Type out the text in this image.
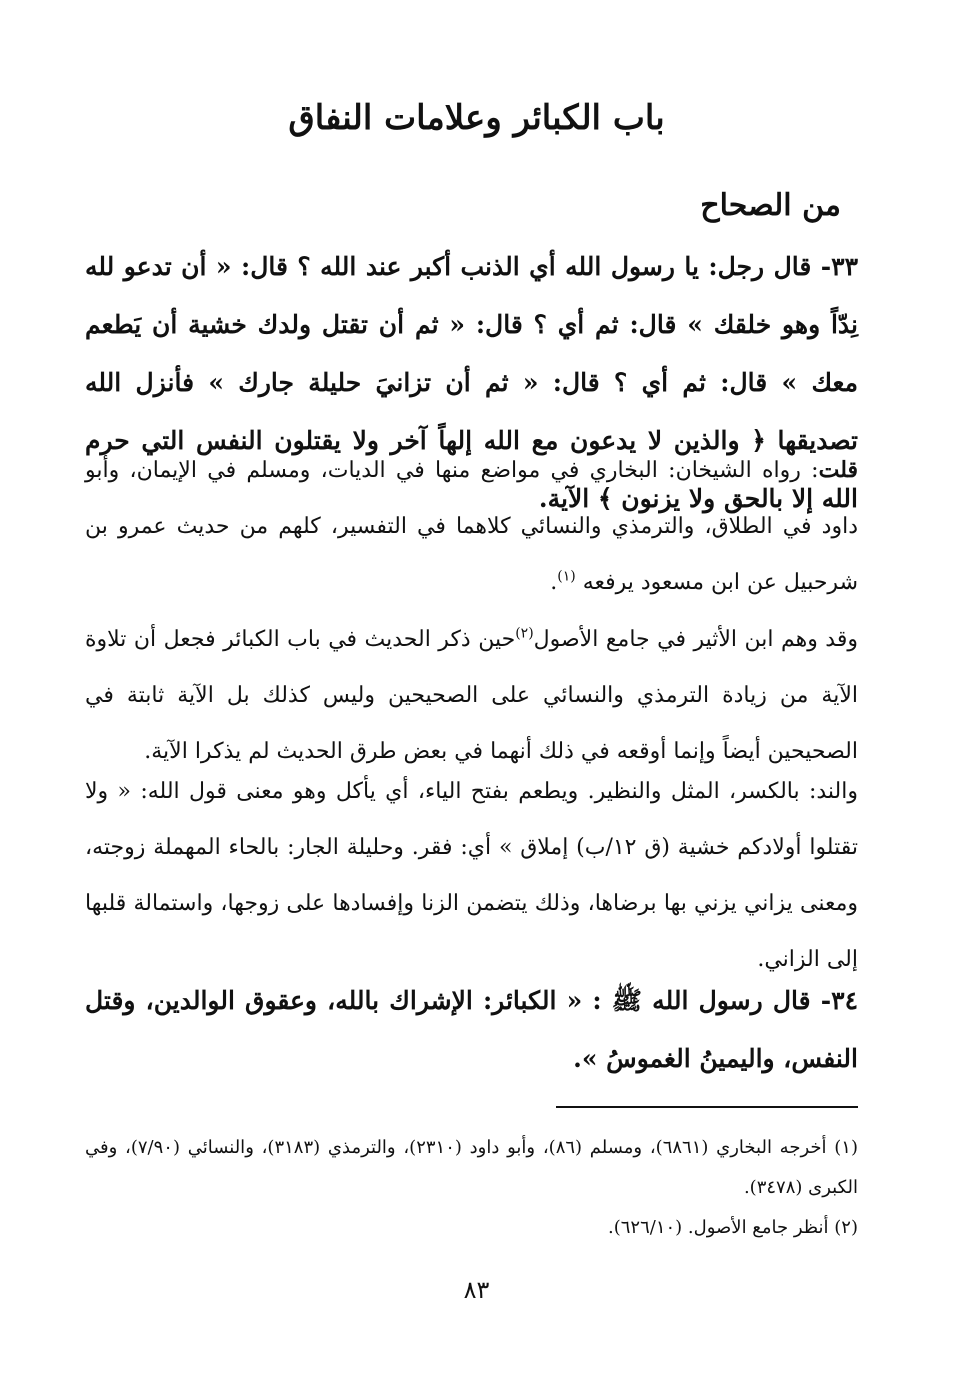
باب الكبائر وعلامات النفاق
من الصحاح

٣٣- قال رجل: يا رسول الله أي الذنب أكبر عند الله ؟ قال: « أن تدعو لله نِدّاً وهو خلقك » قال: ثم أي ؟ قال: « ثم أن تقتل ولدك خشية أن يَطعم معك » قال: ثم أي ؟ قال: « ثم أن تزانيَ حليلة جارك » فأنزل الله تصديقها ﴿ والذين لا يدعون مع الله إلهاً آخر ولا يقتلون النفس التي حرم الله إلا بالحق ولا يزنون ﴾ الآية.

قلت: رواه الشيخان: البخاري في مواضع منها في الديات، ومسلم في الإيمان، وأبو داود في الطلاق، والترمذي والنسائي كلاهما في التفسير، كلهم من حديث عمرو بن شرحبيل عن ابن مسعود يرفعه $^{(١)}$.

وقد وهم ابن الأثير في جامع الأصول$^{(٢)}$حين ذكر الحديث في باب الكبائر فجعل أن تلاوة الآية من زيادة الترمذي والنسائي على الصحيحين وليس كذلك بل الآية ثابتة في الصحيحين أيضاً وإنما أوقعه في ذلك أنهما في بعض طرق الحديث لم يذكرا الآية.

والند: بالكسر، المثل والنظير. ويطعم بفتح الياء، أي يأكل وهو معنى قول الله: « ولا تقتلوا أولادكم خشية (ق ١٢/ب) إملاق » أي: فقر. وحليلة الجار: بالحاء المهملة زوجته، ومعنى يزاني يزني بها برضاها، وذلك يتضمن الزنا وإفسادها على زوجها، واستمالة قلبها إلى الزاني.

٣٤- قال رسول الله ﷺ : « الكبائر: الإشراك بالله، وعقوق الوالدين، وقتل النفس، واليمينُ الغموسُ ».

(١) أخرجه البخاري (٦٨٦١)، ومسلم (٨٦)، وأبو داود (٢٣١٠)، والترمذي (٣١٨٣)، والنسائي (٧/٩٠)، وفي الكبرى (٣٤٧٨).

(٢) أنظر جامع الأصول. (٦٢٦/١٠).

٨٣
